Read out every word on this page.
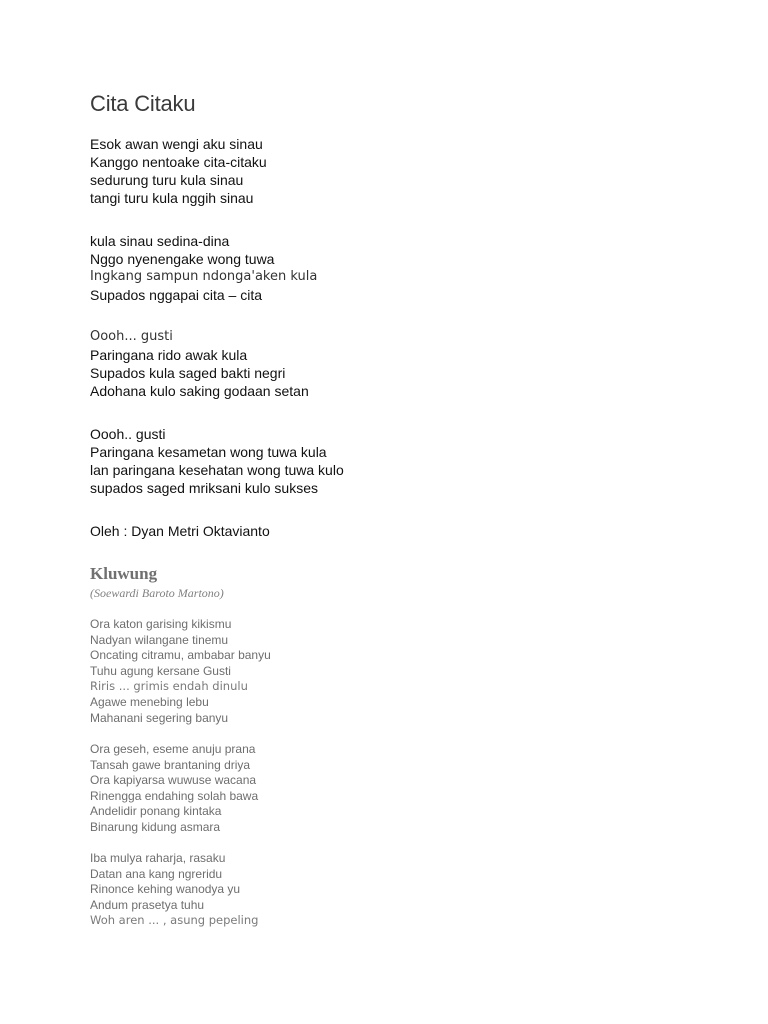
Cita Citaku
Esok awan wengi aku sinau
Kanggo nentoake cita-citaku
sedurung turu kula sinau
tangi turu kula nggih sinau
kula sinau sedina-dina
Nggo nyenengake wong tuwa
Ingkang sampun ndonga'aken kula
Supados nggapai cita – cita
Oooh... gusti
Paringana rido awak kula
Supados kula saged bakti negri
Adohana kulo saking godaan setan
Oooh.. gusti
Paringana kesametan wong tuwa kula
lan paringana kesehatan wong tuwa kulo
supados saged mriksani kulo sukses

Oleh : Dyan Metri Oktavianto

Kluwung

(Soewardi Baroto Martono)

Ora katon garising kikismu
Nadyan wilangane tinemu
Oncating citramu, ambabar banyu
Tuhu agung kersane Gusti
Riris ... grimis endah dinulu
Agawe menebing lebu
Mahanani segering banyu
Ora geseh, eseme anuju prana
Tansah gawe brantaning driya
Ora kapiyarsa wuwuse wacana
Rinengga endahing solah bawa
Andelidir ponang kintaka
Binarung kidung asmara
Iba mulya raharja, rasaku
Datan ana kang ngreridu
Rinonce kehing wanodya yu
Andum prasetya tuhu
Woh aren ... , asung pepeling
